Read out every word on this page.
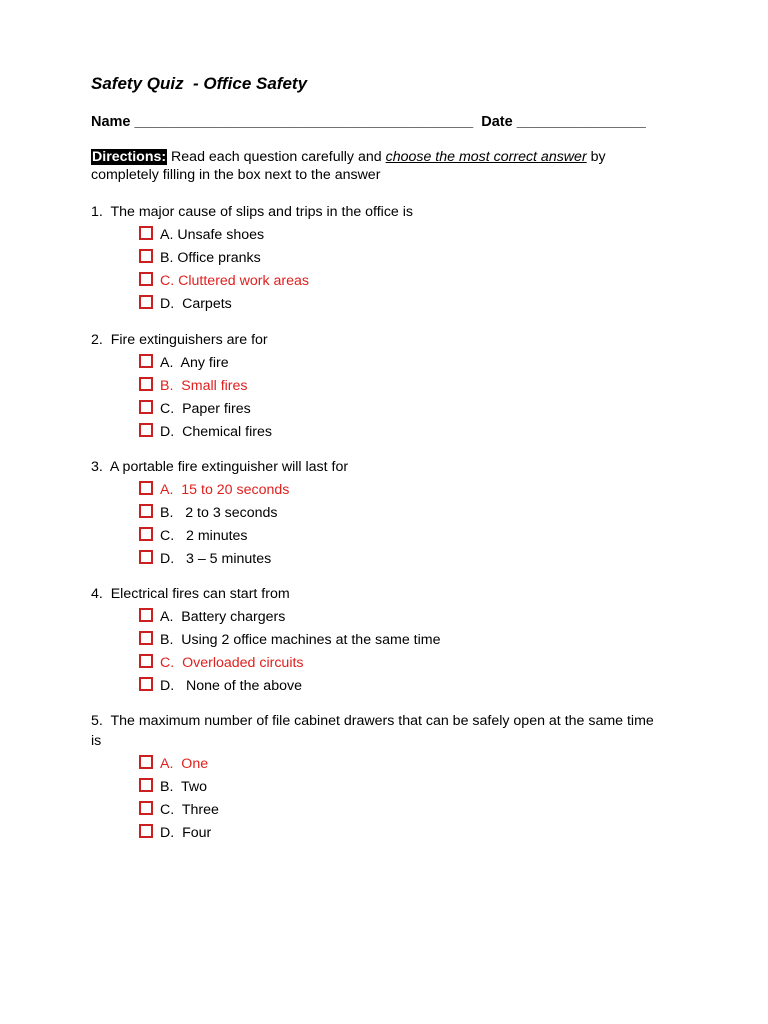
Safety Quiz  - Office Safety
Name __________________________________________  Date ________________
Directions: Read each question carefully and choose the most correct answer by completely filling in the box next to the answer
1.  The major cause of slips and trips in the office is
A. Unsafe shoes
B. Office pranks
C. Cluttered work areas
D.  Carpets
2.  Fire extinguishers are for
A.  Any fire
B.  Small fires
C.  Paper fires
D.  Chemical fires
3.  A portable fire extinguisher will last for
A.  15 to 20 seconds
B.   2 to 3 seconds
C.   2 minutes
D.   3 – 5 minutes
4.  Electrical fires can start from
A.  Battery chargers
B.  Using 2 office machines at the same time
C.  Overloaded circuits
D.   None of the above
5.  The maximum number of file cabinet drawers that can be safely open at the same time is
A.  One
B.  Two
C.  Three
D.  Four
